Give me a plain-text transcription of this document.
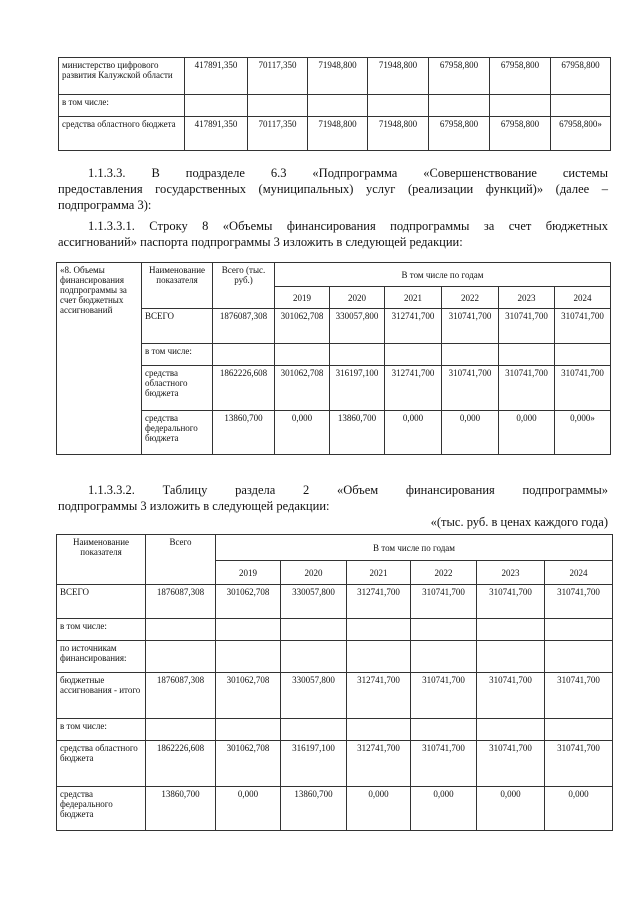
министерство цифрового развития Калужской области	417891,350	70117,350	71948,800	71948,800	67958,800	67958,800	67958,800
в том числе:							
средства областного бюджета	417891,350	70117,350	71948,800	71948,800	67958,800	67958,800	67958,800»
1.1.3.3. В подразделе 6.3 «Подпрограмма «Совершенствование системы
предоставления государственных (муниципальных) услуг (реализации функций)» (далее –
подпрограмма 3):
1.1.3.3.1. Строку 8 «Объемы финансирования подпрограммы за счет бюджетных
ассигнований» паспорта подпрограммы 3 изложить в следующей редакции:
«8. Объемы финансирования подпрограммы за счет бюджетных ассигнований	Наименование показателя	Всего (тыс. руб.)	В том числе по годам					
			2019	2020	2021	2022	2023	2024
	ВСЕГО	1876087,308	301062,708	330057,800	312741,700	310741,700	310741,700	310741,700
	в том числе:							
	средства областного бюджета	1862226,608	301062,708	316197,100	312741,700	310741,700	310741,700	310741,700
	средства федерального бюджета	13860,700	0,000	13860,700	0,000	0,000	0,000	0,000»
1.1.3.3.2. Таблицу раздела 2 «Объем финансирования подпрограммы»
подпрограммы 3 изложить в следующей редакции:
«(тыс. руб. в ценах каждого года)
Наименование показателя	Всего	В том числе по годам					
		2019	2020	2021	2022	2023	2024
ВСЕГО	1876087,308	301062,708	330057,800	312741,700	310741,700	310741,700	310741,700
в том числе:							
по источникам финансирования:							
бюджетные ассигнования - итого	1876087,308	301062,708	330057,800	312741,700	310741,700	310741,700	310741,700
в том числе:							
средства областного бюджета	1862226,608	301062,708	316197,100	312741,700	310741,700	310741,700	310741,700
средства федерального бюджета	13860,700	0,000	13860,700	0,000	0,000	0,000	0,000
